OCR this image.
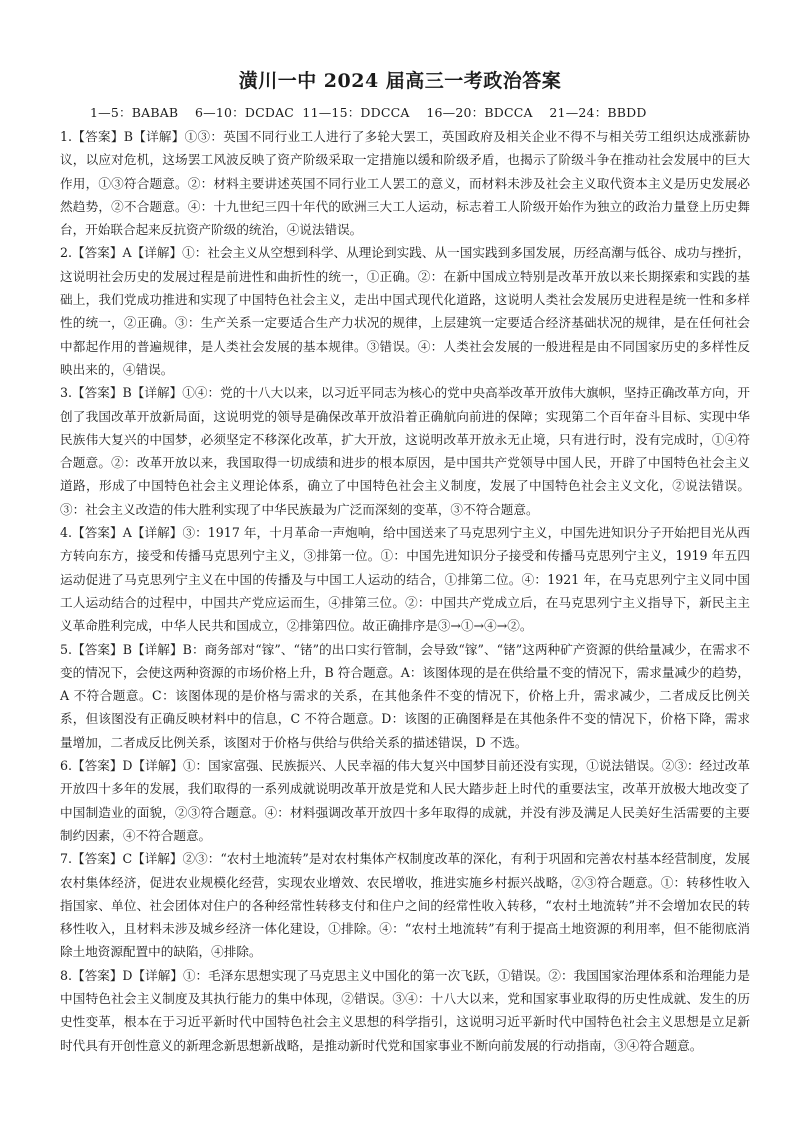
潢川一中 2024 届高三一考政治答案
1—5：BABAB    6—10：DCDAC  11—15：DDCCA    16—20：BDCCA    21—24：BBDD

1.【答案】B【详解】①③：英国不同行业工人进行了多轮大罢工，英国政府及相关企业不得不与相关劳工组织达成涨薪协议，以应对危机，这场罢工风波反映了资产阶级采取一定措施以缓和阶级矛盾，也揭示了阶级斗争在推动社会发展中的巨大作用，①③符合题意。②：材料主要讲述英国不同行业工人罢工的意义，而材料未涉及社会主义取代资本主义是历史发展必然趋势，②不合题意。④：十九世纪三四十年代的欧洲三大工人运动，标志着工人阶级开始作为独立的政治力量登上历史舞台，开始联合起来反抗资产阶级的统治，④说法错误。

2.【答案】A【详解】①：社会主义从空想到科学、从理论到实践、从一国实践到多国发展，历经高潮与低谷、成功与挫折，这说明社会历史的发展过程是前进性和曲折性的统一，①正确。②：在新中国成立特别是改革开放以来长期探索和实践的基础上，我们党成功推进和实现了中国特色社会主义，走出中国式现代化道路，这说明人类社会发展历史进程是统一性和多样性的统一，②正确。③：生产关系一定要适合生产力状况的规律，上层建筑一定要适合经济基础状况的规律，是在任何社会中都起作用的普遍规律，是人类社会发展的基本规律。③错误。④：人类社会发展的一般进程是由不同国家历史的多样性反映出来的，④错误。

3.【答案】B【详解】①④：党的十八大以来，以习近平同志为核心的党中央高举改革开放伟大旗帜，坚持正确改革方向，开创了我国改革开放新局面，这说明党的领导是确保改革开放沿着正确航向前进的保障；实现第二个百年奋斗目标、实现中华民族伟大复兴的中国梦，必须坚定不移深化改革，扩大开放，这说明改革开放永无止境，只有进行时，没有完成时，①④符合题意。②：改革开放以来，我国取得一切成绩和进步的根本原因，是中国共产党领导中国人民，开辟了中国特色社会主义道路，形成了中国特色社会主义理论体系，确立了中国特色社会主义制度，发展了中国特色社会主义文化，②说法错误。③：社会主义改造的伟大胜利实现了中华民族最为广泛而深刻的变革，③不符合题意。

4.【答案】A【详解】③：1917 年，十月革命一声炮响，给中国送来了马克思列宁主义，中国先进知识分子开始把目光从西方转向东方，接受和传播马克思列宁主义，③排第一位。①：中国先进知识分子接受和传播马克思列宁主义，1919 年五四运动促进了马克思列宁主义在中国的传播及与中国工人运动的结合，①排第二位。④：1921 年，在马克思列宁主义同中国工人运动结合的过程中，中国共产党应运而生，④排第三位。②：中国共产党成立后，在马克思列宁主义指导下，新民主主义革命胜利完成，中华人民共和国成立，②排第四位。故正确排序是③→①→④→②。

5.【答案】B【详解】B：商务部对“镓”、“锗”的出口实行管制，会导致“镓”、“锗”这两种矿产资源的供给量减少，在需求不变的情况下，会使这两种资源的市场价格上升，B 符合题意。A：该图体现的是在供给量不变的情况下，需求量减少的趋势，A 不符合题意。C：该图体现的是价格与需求的关系，在其他条件不变的情况下，价格上升，需求减少，二者成反比例关系，但该图没有正确反映材料中的信息，C 不符合题意。D：该图的正确图释是在其他条件不变的情况下，价格下降，需求量增加，二者成反比例关系，该图对于价格与供给与供给关系的描述错误，D 不选。

6.【答案】D【详解】①：国家富强、民族振兴、人民幸福的伟大复兴中国梦目前还没有实现，①说法错误。②③：经过改革开放四十多年的发展，我们取得的一系列成就说明改革开放是党和人民大踏步赶上时代的重要法宝，改革开放极大地改变了中国制造业的面貌，②③符合题意。④：材料强调改革开放四十多年取得的成就，并没有涉及满足人民美好生活需要的主要制约因素，④不符合题意。

7.【答案】C【详解】②③：“农村土地流转”是对农村集体产权制度改革的深化，有利于巩固和完善农村基本经营制度，发展农村集体经济，促进农业规模化经营，实现农业增效、农民增收，推进实施乡村振兴战略，②③符合题意。①：转移性收入指国家、单位、社会团体对住户的各种经常性转移支付和住户之间的经常性收入转移，“农村土地流转”并不会增加农民的转移性收入，且材料未涉及城乡经济一体化建设，①排除。④：“农村土地流转”有利于提高土地资源的利用率，但不能彻底消除土地资源配置中的缺陷，④排除。

8.【答案】D【详解】①：毛泽东思想实现了马克思主义中国化的第一次飞跃，①错误。②：我国国家治理体系和治理能力是中国特色社会主义制度及其执行能力的集中体现，②错误。③④：十八大以来，党和国家事业取得的历史性成就、发生的历史性变革，根本在于习近平新时代中国特色社会主义思想的科学指引，这说明习近平新时代中国特色社会主义思想是立足新时代具有开创性意义的新理念新思想新战略，是推动新时代党和国家事业不断向前发展的行动指南，③④符合题意。
